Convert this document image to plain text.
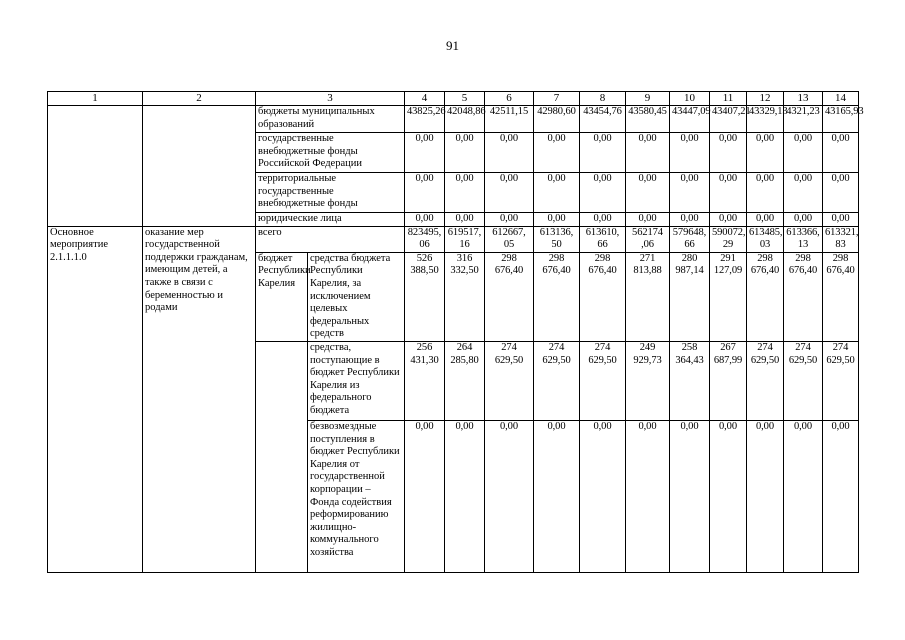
91
1	2	3		4	5	6	7	8	9	10	11	12	13	14
		бюджеты муниципальных образований		43825,26	42048,86	42511,15	42980,60	43454,76	43580,45	43447,09	43407,21	43329,13	4321,23	43165,93
		государственные внебюджетные фонды Российской Федерации		0,00	0,00	0,00	0,00	0,00	0,00	0,00	0,00	0,00	0,00	0,00
		территориальные государственные внебюджетные фонды		0,00	0,00	0,00	0,00	0,00	0,00	0,00	0,00	0,00	0,00	0,00
		юридические лица		0,00	0,00	0,00	0,00	0,00	0,00	0,00	0,00	0,00	0,00	0,00
Основное мероприятие 2.1.1.1.0	оказание мер государственной поддержки гражданам, имеющим детей, а также в связи с беременностью и родами	всего		823495, 06	619517, 16	612667, 05	613136, 50	613610, 66	562174 ,06	579648, 66	590072, 29	613485, 03	613366, 13	613321, 83
		бюджет Республики Карелия	средства бюджета Республики Карелия, за исключением целевых федеральных средств	526 388,50	316 332,50	298 676,40	298 676,40	298 676,40	271 813,88	280 987,14	291 127,09	298 676,40	298 676,40	298 676,40
			средства, поступающие в бюджет Республики Карелия из федерального бюджета	256 431,30	264 285,80	274 629,50	274 629,50	274 629,50	249 929,73	258 364,43	267 687,99	274 629,50	274 629,50	274 629,50
			безвозмездные поступления в бюджет Республики Карелия от государственной корпорации – Фонда содействия реформированию жилищно-коммунального хозяйства	0,00	0,00	0,00	0,00	0,00	0,00	0,00	0,00	0,00	0,00	0,00
